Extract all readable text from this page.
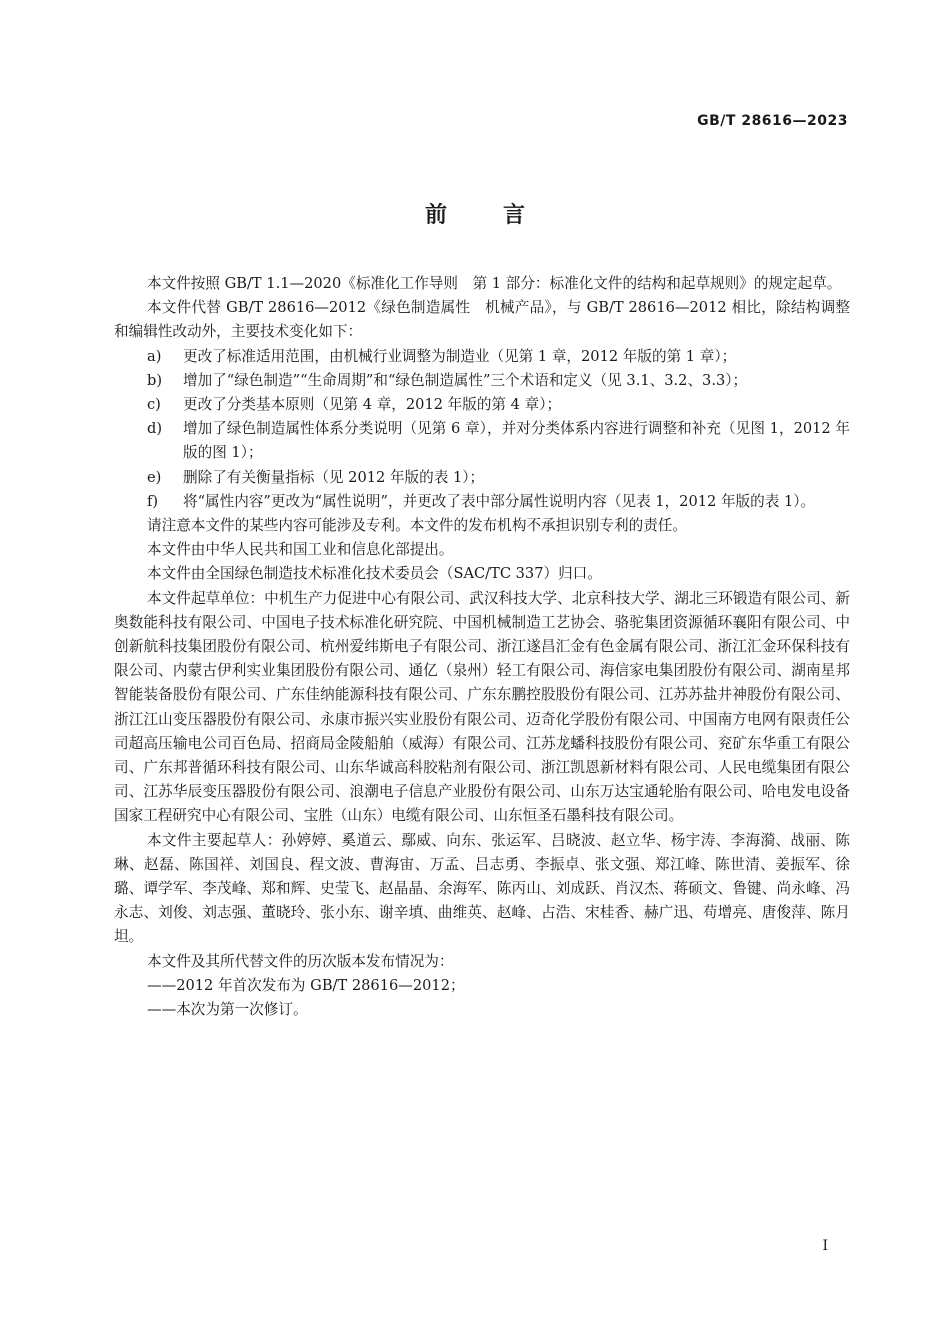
GB/T 28616—2023
前言

本文件按照 GB/T 1.1—2020《标准化工作导则　第 1 部分：标准化文件的结构和起草规则》的规定起草。

本文件代替 GB/T 28616—2012《绿色制造属性　机械产品》，与 GB/T 28616—2012 相比，除结构调整和编辑性改动外，主要技术变化如下：

a)	更改了标准适用范围，由机械行业调整为制造业（见第 1 章，2012 年版的第 1 章）；
b)	增加了“绿色制造”“生命周期”和“绿色制造属性”三个术语和定义（见 3.1、3.2、3.3）；
c)	更改了分类基本原则（见第 4 章，2012 年版的第 4 章）；
d)	增加了绿色制造属性体系分类说明（见第 6 章），并对分类体系内容进行调整和补充（见图 1，2012 年版的图 1）；
e)	删除了有关衡量指标（见 2012 年版的表 1）；
f)	将“属性内容”更改为“属性说明”，并更改了表中部分属性说明内容（见表 1，2012 年版的表 1）。

请注意本文件的某些内容可能涉及专利。本文件的发布机构不承担识别专利的责任。

本文件由中华人民共和国工业和信息化部提出。

本文件由全国绿色制造技术标准化技术委员会（SAC/TC 337）归口。

本文件起草单位：中机生产力促进中心有限公司、武汉科技大学、北京科技大学、湖北三环锻造有限公司、新奥数能科技有限公司、中国电子技术标准化研究院、中国机械制造工艺协会、骆驼集团资源循环襄阳有限公司、中创新航科技集团股份有限公司、杭州爱纬斯电子有限公司、浙江遂昌汇金有色金属有限公司、浙江汇金环保科技有限公司、内蒙古伊利实业集团股份有限公司、通亿（泉州）轻工有限公司、海信家电集团股份有限公司、湖南星邦智能装备股份有限公司、广东佳纳能源科技有限公司、广东东鹏控股股份有限公司、江苏苏盐井神股份有限公司、浙江江山变压器股份有限公司、永康市振兴实业股份有限公司、迈奇化学股份有限公司、中国南方电网有限责任公司超高压输电公司百色局、招商局金陵船舶（威海）有限公司、江苏龙蟠科技股份有限公司、兖矿东华重工有限公司、广东邦普循环科技有限公司、山东华诚高科胶粘剂有限公司、浙江凯恩新材料有限公司、人民电缆集团有限公司、江苏华辰变压器股份有限公司、浪潮电子信息产业股份有限公司、山东万达宝通轮胎有限公司、哈电发电设备国家工程研究中心有限公司、宝胜（山东）电缆有限公司、山东恒圣石墨科技有限公司。

本文件主要起草人：孙婷婷、奚道云、鄢威、向东、张运军、吕晓波、赵立华、杨宇涛、李海漪、战丽、陈琳、赵磊、陈国祥、刘国良、程文波、曹海宙、万孟、吕志勇、李振卓、张文强、郑江峰、陈世清、姜振军、徐璐、谭学军、李茂峰、郑和辉、史莹飞、赵晶晶、余海军、陈丙山、刘成跃、肖汉杰、蒋硕文、鲁键、尚永峰、冯永志、刘俊、刘志强、董晓玲、张小东、谢辛填、曲维英、赵峰、占浩、宋桂香、赫广迅、苟增亮、唐俊萍、陈月坦。

本文件及其所代替文件的历次版本发布情况为：

——2012 年首次发布为 GB/T 28616—2012；

——本次为第一次修订。

I
